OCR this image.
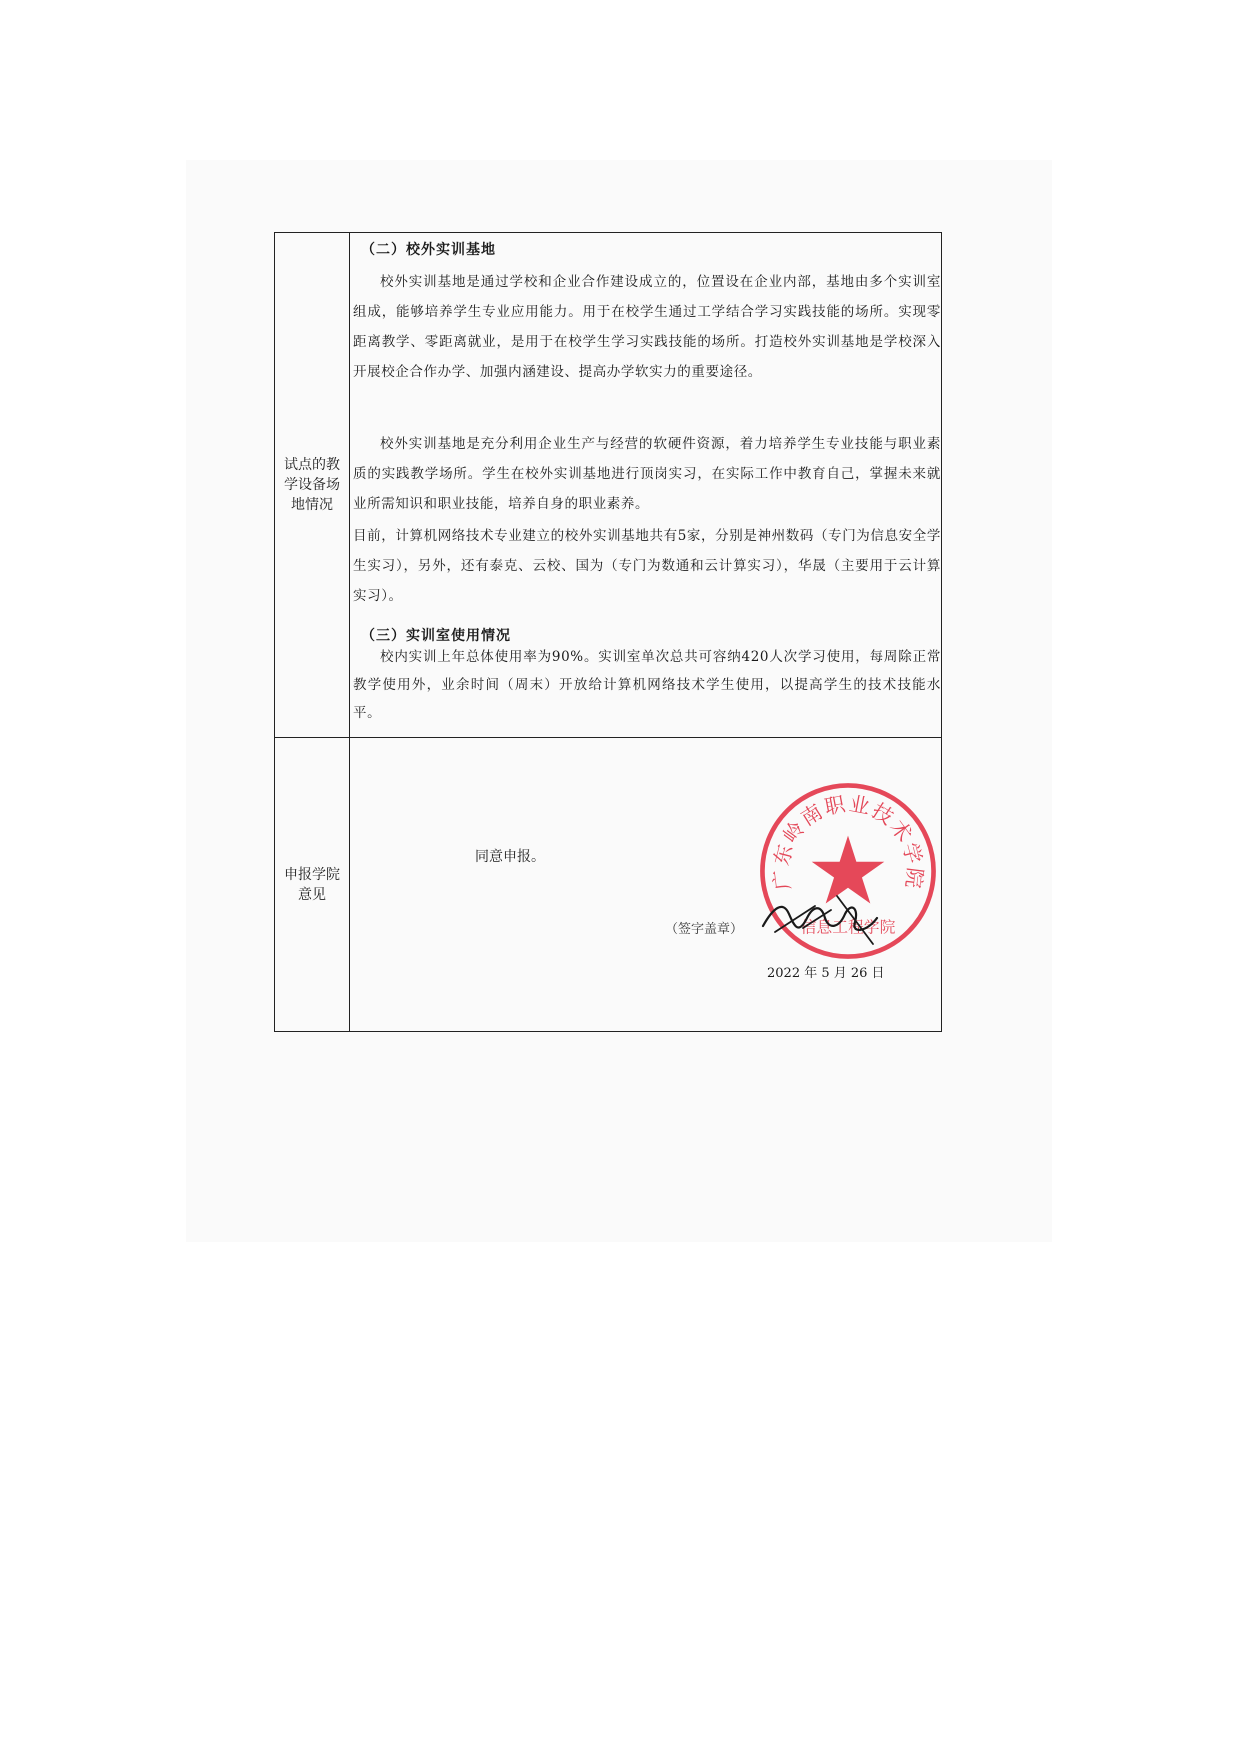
试点的教学设备场地情况
（二）校外实训基地

校外实训基地是通过学校和企业合作建设成立的，位置设在企业内部，基地由多个实训室组成，能够培养学生专业应用能力。用于在校学生通过工学结合学习实践技能的场所。实现零距离教学、零距离就业，是用于在校学生学习实践技能的场所。打造校外实训基地是学校深入开展校企合作办学、加强内涵建设、提高办学软实力的重要途径。

校外实训基地是充分利用企业生产与经营的软硬件资源，着力培养学生专业技能与职业素质的实践教学场所。学生在校外实训基地进行顶岗实习，在实际工作中教育自己，掌握未来就业所需知识和职业技能，培养自身的职业素养。

目前，计算机网络技术专业建立的校外实训基地共有5家，分别是神州数码（专门为信息安全学生实习），另外，还有泰克、云校、国为（专门为数通和云计算实习），华晟（主要用于云计算实习）。

（三）实训室使用情况

校内实训上年总体使用率为90%。实训室单次总共可容纳420人次学习使用，每周除正常教学使用外，业余时间（周末）开放给计算机网络技术学生使用，以提高学生的技术技能水平。

申报学院意见
同意申报。
广东岭南职业技术学院
信息工程学院
（签字盖章）
2022 年 5 月 26 日
